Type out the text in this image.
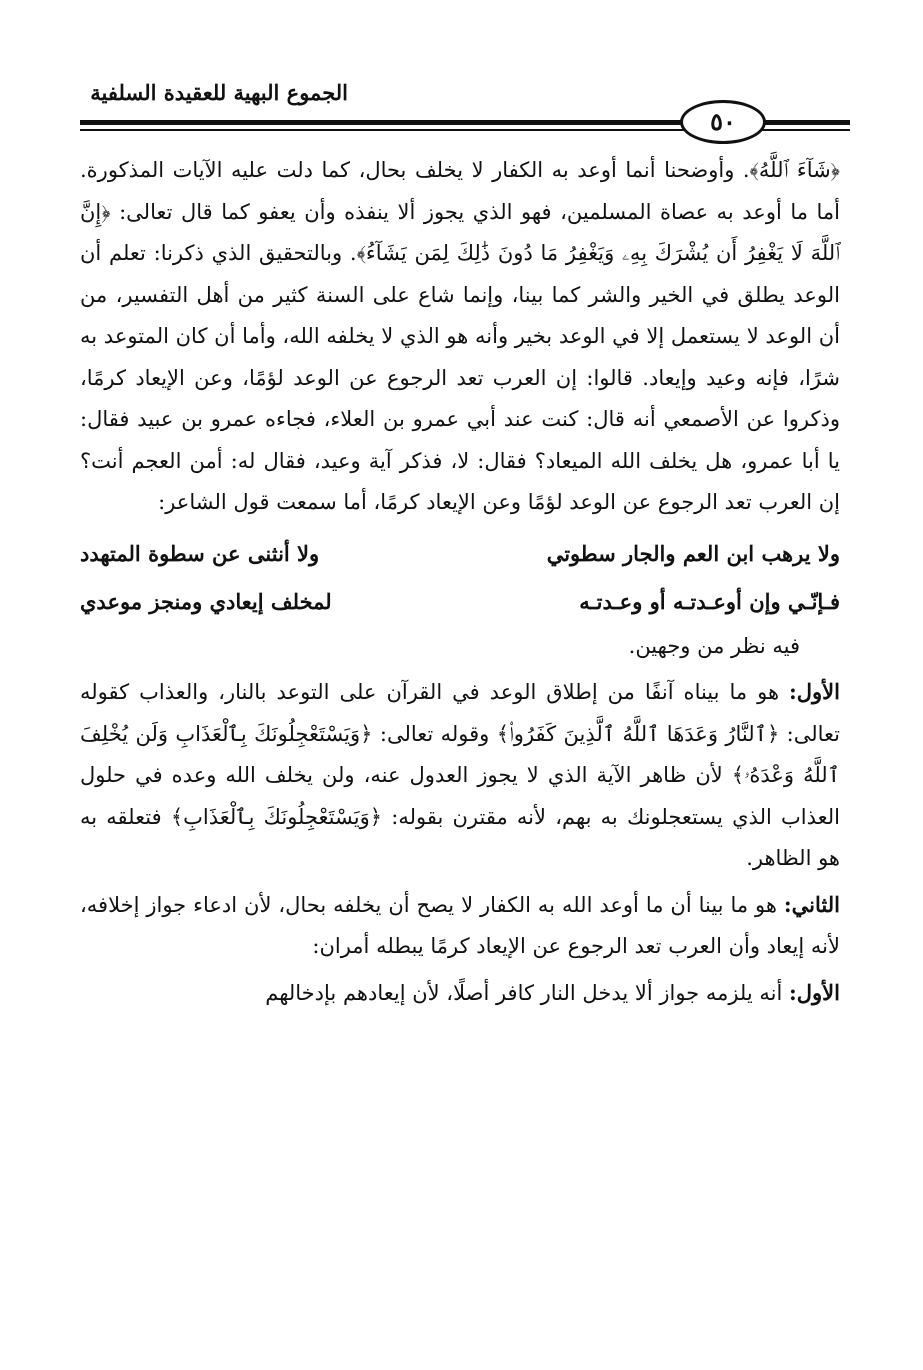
الجموع البهية للعقيدة السلفية
٥٠

﴿شَآءَ ٱللَّهُ﴾. وأوضحنا أنما أوعد به الكفار لا يخلف بحال، كما دلت عليه الآيات المذكورة. أما ما أوعد به عصاة المسلمين، فهو الذي يجوز ألا ينفذه وأن يعفو كما قال تعالى: ﴿إِنَّ ٱللَّهَ لَا يَغْفِرُ أَن يُشْرَكَ بِهِۦ وَيَغْفِرُ مَا دُونَ ذَٰلِكَ لِمَن يَشَآءُ﴾. وبالتحقيق الذي ذكرنا: تعلم أن الوعد يطلق في الخير والشر كما بينا، وإنما شاع على السنة كثير من أهل التفسير، من أن الوعد لا يستعمل إلا في الوعد بخير وأنه هو الذي لا يخلفه الله، وأما أن كان المتوعد به شرًا، فإنه وعيد وإيعاد. قالوا: إن العرب تعد الرجوع عن الوعد لؤمًا، وعن الإيعاد كرمًا، وذكروا عن الأصمعي أنه قال: كنت عند أبي عمرو بن العلاء، فجاءه عمرو بن عبيد فقال: يا أبا عمرو، هل يخلف الله الميعاد؟ فقال: لا، فذكر آية وعيد، فقال له: أمن العجم أنت؟ إن العرب تعد الرجوع عن الوعد لؤمًا وعن الإيعاد كرمًا، أما سمعت قول الشاعر:

ولا يرهب ابن العم والجار سطوتي
ولا أنثنى عن سطوة المتهدد
فـإنّـي وإن أوعـدتـه أو وعـدتـه
لمخلف إيعادي ومنجز موعدي

فيه نظر من وجهين.

الأول: هو ما بيناه آنفًا من إطلاق الوعد في القرآن على التوعد بالنار، والعذاب كقوله تعالى: ﴿ٱلنَّارُ وَعَدَهَا ٱللَّهُ ٱلَّذِينَ كَفَرُوا۟﴾ وقوله تعالى: ﴿وَيَسْتَعْجِلُونَكَ بِٱلْعَذَابِ وَلَن يُخْلِفَ ٱللَّهُ وَعْدَهُۥ﴾ لأن ظاهر الآية الذي لا يجوز العدول عنه، ولن يخلف الله وعده في حلول العذاب الذي يستعجلونك به بهم، لأنه مقترن بقوله: ﴿وَيَسْتَعْجِلُونَكَ بِٱلْعَذَابِ﴾ فتعلقه به هو الظاهر.

الثاني: هو ما بينا أن ما أوعد الله به الكفار لا يصح أن يخلفه بحال، لأن ادعاء جواز إخلافه، لأنه إيعاد وأن العرب تعد الرجوع عن الإيعاد كرمًا يبطله أمران:

الأول: أنه يلزمه جواز ألا يدخل النار كافر أصلًا، لأن إيعادهم بإدخالهم
